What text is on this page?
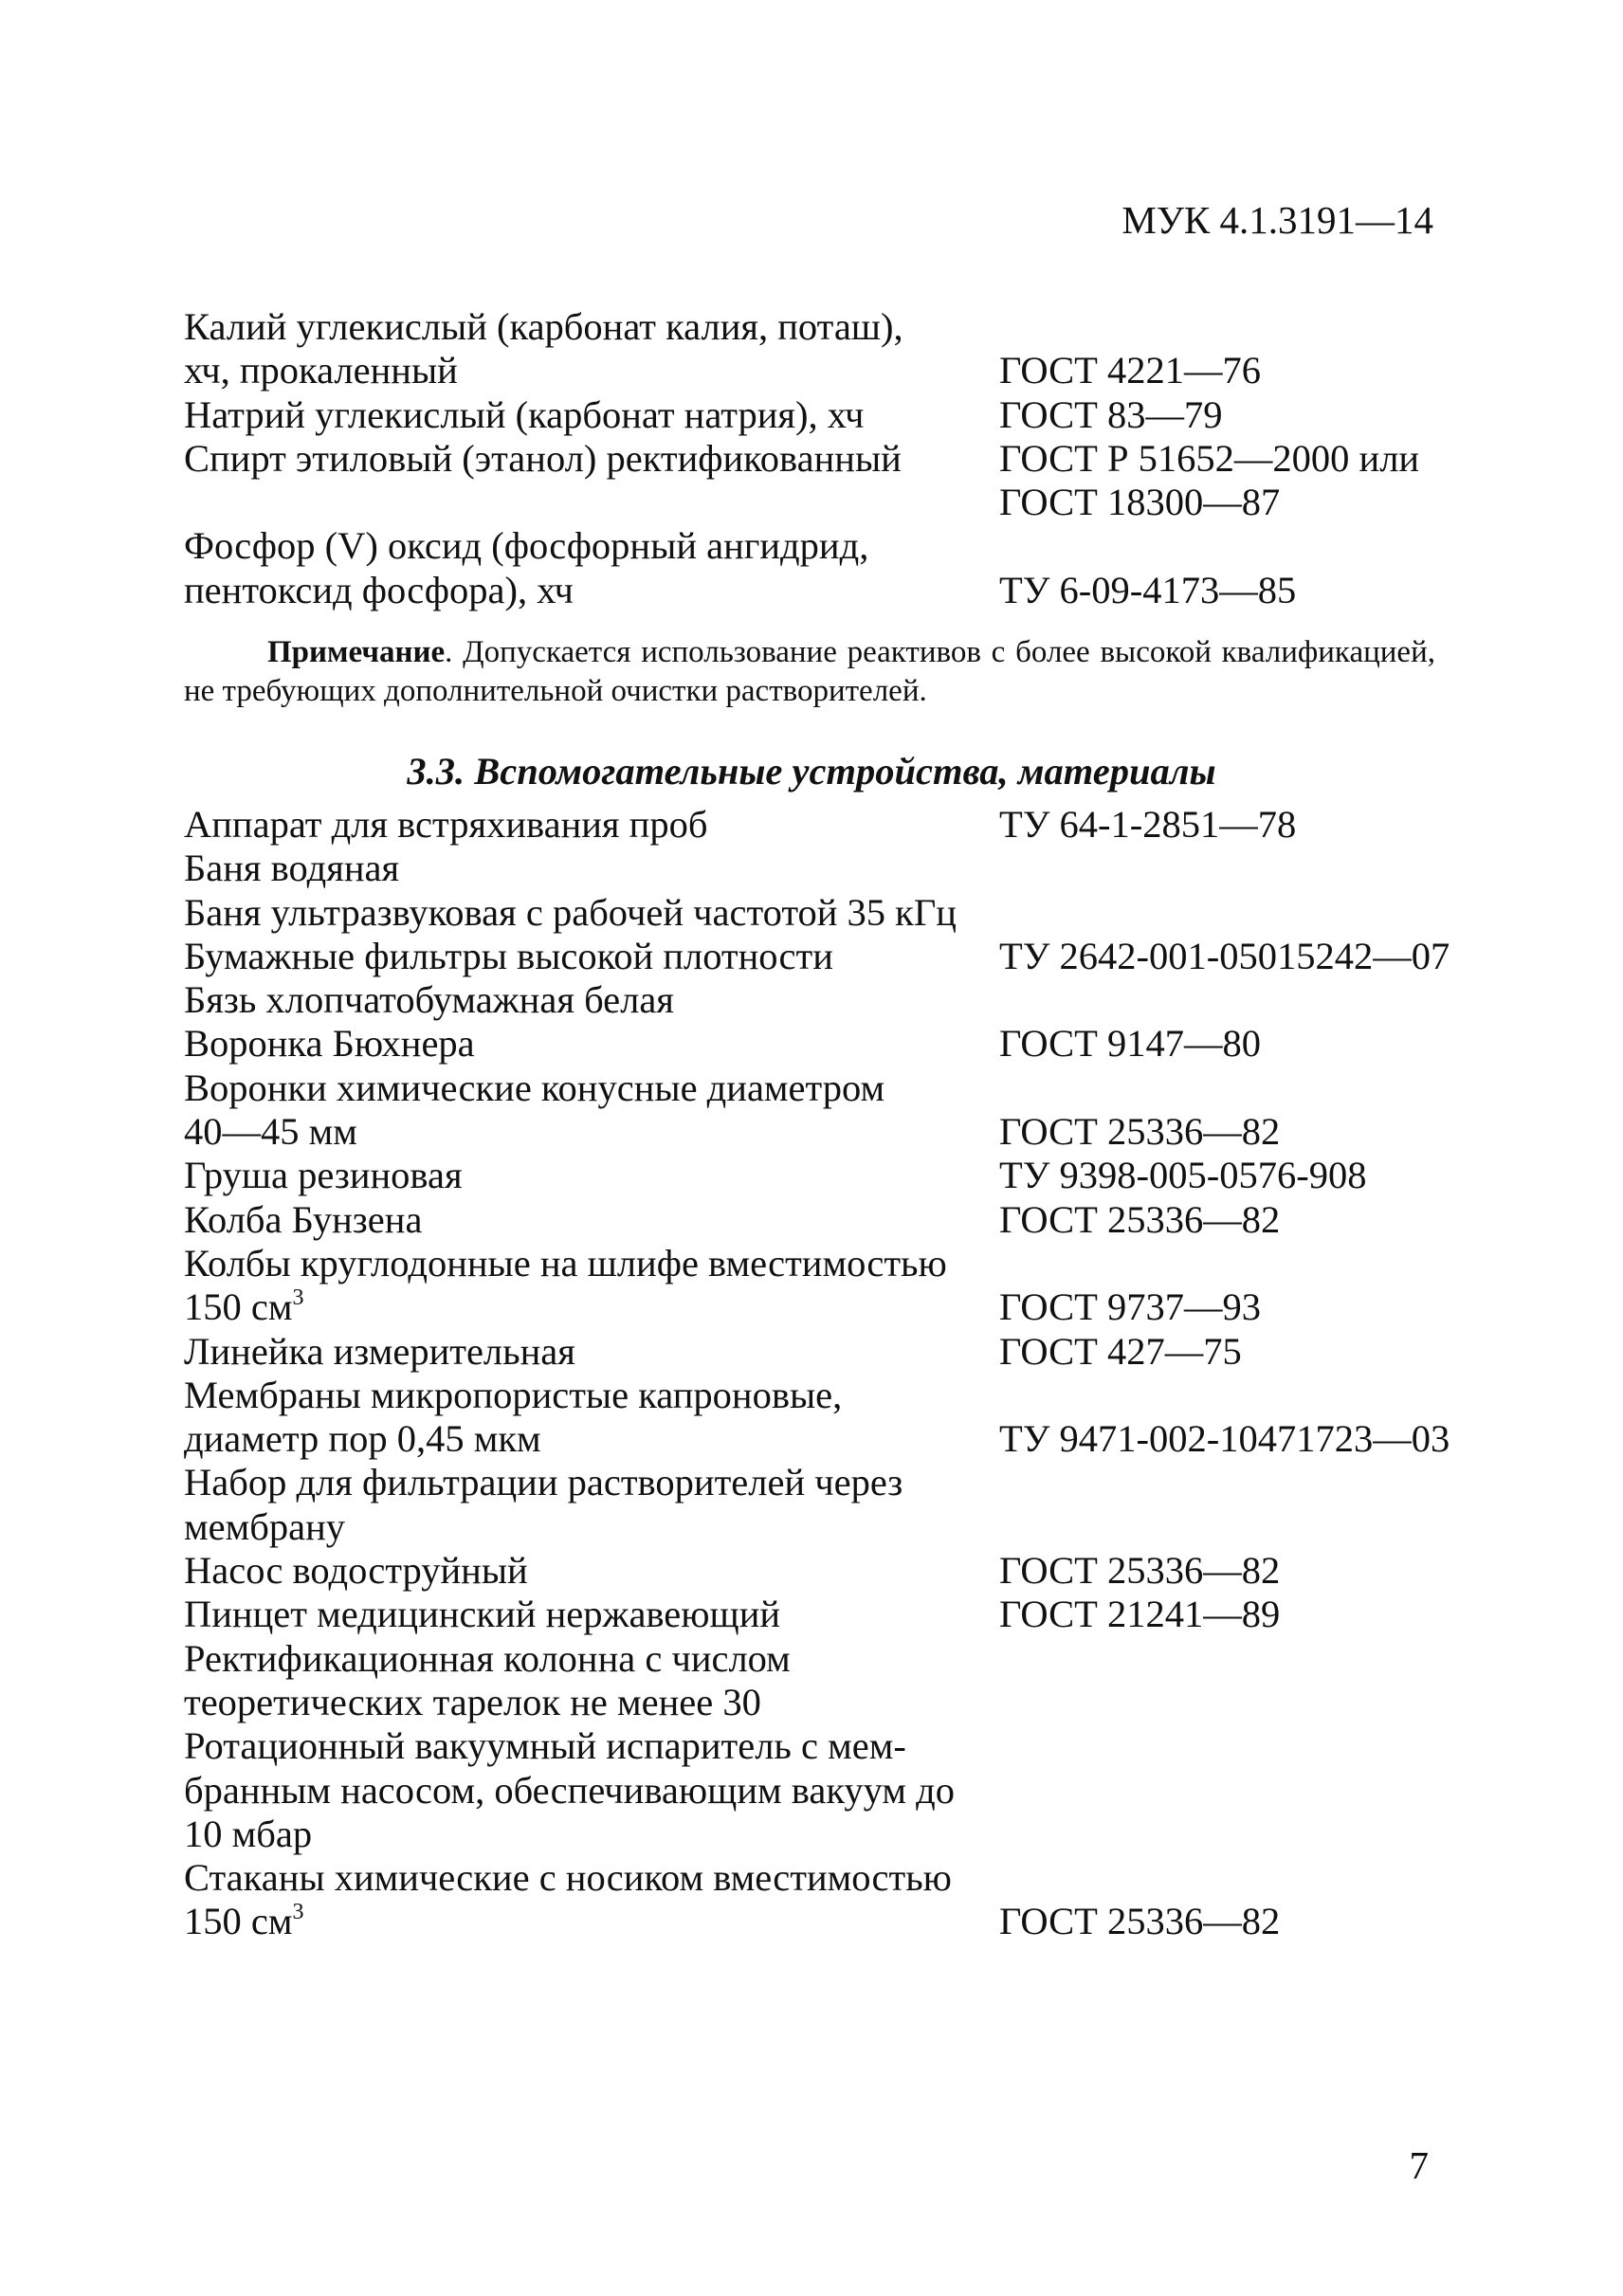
МУК 4.1.3191—14
Калий углекислый (карбонат калия, поташ),
хч, прокаленный	ГОСТ 4221—76
Натрий углекислый (карбонат натрия), хч	ГОСТ 83—79
Спирт этиловый (этанол) ректификованный	ГОСТ Р 51652—2000 или
ГОСТ 18300—87
Фосфор (V) оксид (фосфорный ангидрид,
пентоксид фосфора), хч	ТУ 6-09-4173—85
Примечание. Допускается использование реактивов с более высокой квалификацией, не требующих дополнительной очистки растворителей.
3.3. Вспомогательные устройства, материалы
Аппарат для встряхивания проб	ТУ 64-1-2851—78
Баня водяная
Баня ультразвуковая с рабочей частотой 35 кГц
Бумажные фильтры высокой плотности	ТУ 2642-001-05015242—07
Бязь хлопчатобумажная белая
Воронка Бюхнера	ГОСТ 9147—80
Воронки химические конусные диаметром
40—45 мм	ГОСТ 25336—82
Груша резиновая	ТУ 9398-005-0576-908
Колба Бунзена	ГОСТ 25336—82
Колбы круглодонные на шлифе вместимостью
150 $см^3$	ГОСТ 9737—93
Линейка измерительная	ГОСТ 427—75
Мембраны микропористые капроновые,
диаметр пор 0,45 мкм	ТУ 9471-002-10471723—03
Набор для фильтрации растворителей через
мембрану
Насос водоструйный	ГОСТ 25336—82
Пинцет медицинский нержавеющий	ГОСТ 21241—89
Ректификационная колонна с числом
теоретических тарелок не менее 30
Ротационный вакуумный испаритель с мем-
бранным насосом, обеспечивающим вакуум до
10 мбар
Стаканы химические с носиком вместимостью
150 $см^3$	ГОСТ 25336—82
7
